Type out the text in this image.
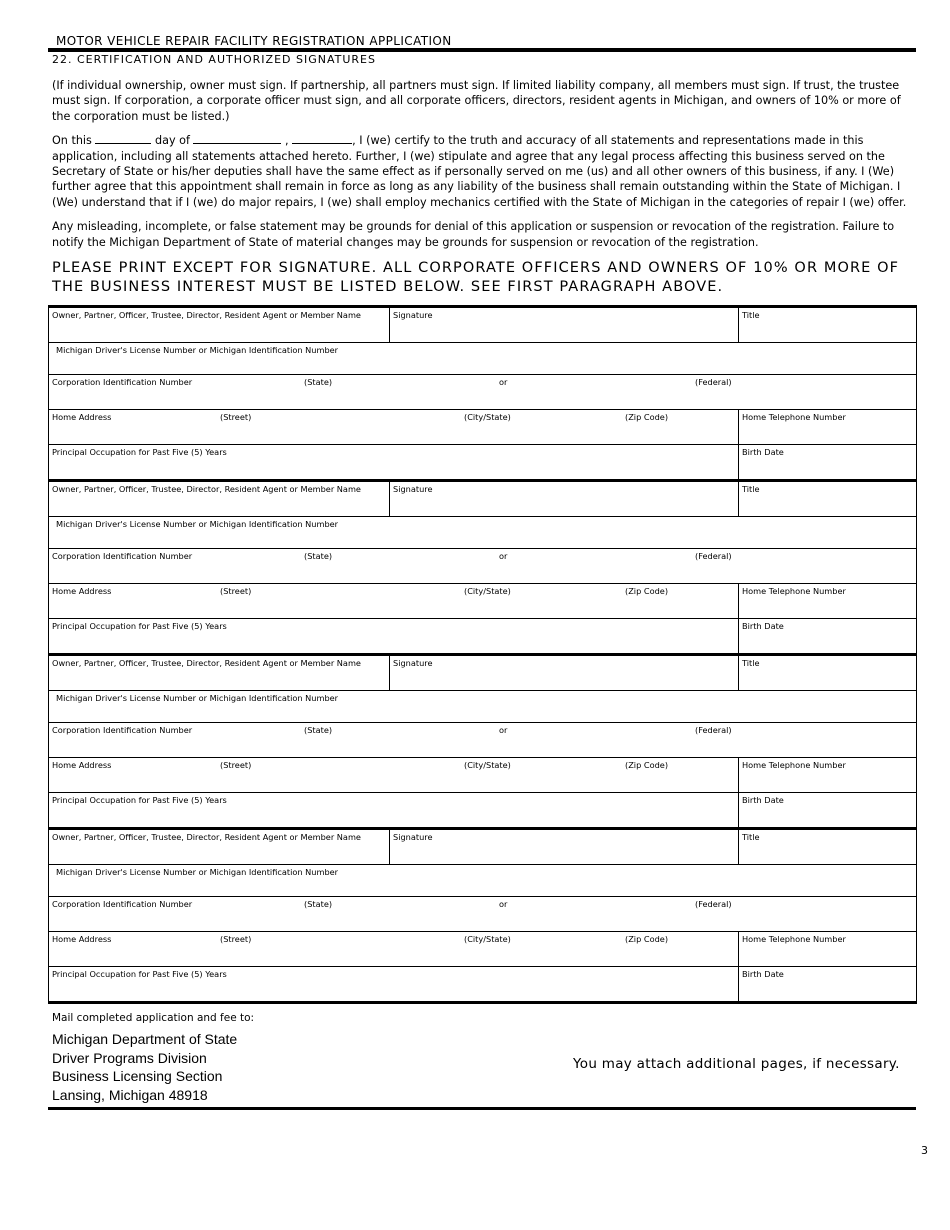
MOTOR VEHICLE REPAIR FACILITY REGISTRATION APPLICATION
22. CERTIFICATION AND AUTHORIZED SIGNATURES
(If individual ownership, owner must sign. If partnership, all partners must sign. If limited liability company, all members must sign. If trust, the trustee must sign. If corporation, a corporate officer must sign, and all corporate officers, directors, resident agents in Michigan, and owners of 10% or more of the corporation must be listed.)
On this	day of	,	, I (we) certify to the truth and accuracy of all statements and representations made in this application, including all statements attached hereto. Further, I (we) stipulate and agree that any legal process affecting this business served on the Secretary of State or his/her deputies shall have the same effect as if personally served on me (us) and all other owners of this business, if any. I (We) further agree that this appointment shall remain in force as long as any liability of the business shall remain outstanding within the State of Michigan. I (We) understand that if I (we) do major repairs, I (we) shall employ mechanics certified with the State of Michigan in the categories of repair I (we) offer.
Any misleading, incomplete, or false statement may be grounds for denial of this application or suspension or revocation of the registration. Failure to notify the Michigan Department of State of material changes may be grounds for suspension or revocation of the registration.
PLEASE PRINT EXCEPT FOR SIGNATURE. ALL CORPORATE OFFICERS AND OWNERS OF 10% OR MORE OF THE BUSINESS INTEREST MUST BE LISTED BELOW. SEE FIRST PARAGRAPH ABOVE.
Owner, Partner, Officer, Trustee, Director, Resident Agent or Member Name	Signature	Title
Michigan Driver's License Number or Michigan Identification Number		

Corporation Identification Number (State) or (Federal)		

Home Address (Street) (City/State) (Zip Code)		Home Telephone Number
Principal Occupation for Past Five (5) Years		Birth Date
Owner, Partner, Officer, Trustee, Director, Resident Agent or Member Name	Signature	Title
Michigan Driver's License Number or Michigan Identification Number		

Corporation Identification Number (State) or (Federal)		

Home Address (Street) (City/State) (Zip Code)		Home Telephone Number
Principal Occupation for Past Five (5) Years		Birth Date
Owner, Partner, Officer, Trustee, Director, Resident Agent or Member Name	Signature	Title
Michigan Driver's License Number or Michigan Identification Number		

Corporation Identification Number (State) or (Federal)		

Home Address (Street) (City/State) (Zip Code)		Home Telephone Number
Principal Occupation for Past Five (5) Years		Birth Date
Owner, Partner, Officer, Trustee, Director, Resident Agent or Member Name	Signature	Title
Michigan Driver's License Number or Michigan Identification Number		

Corporation Identification Number (State) or (Federal)		

Home Address (Street) (City/State) (Zip Code)		Home Telephone Number
Principal Occupation for Past Five (5) Years		Birth Date
Mail completed application and fee to:
Michigan Department of State
Driver Programs Division
Business Licensing Section
Lansing, Michigan 48918
You may attach additional pages, if necessary.
3
